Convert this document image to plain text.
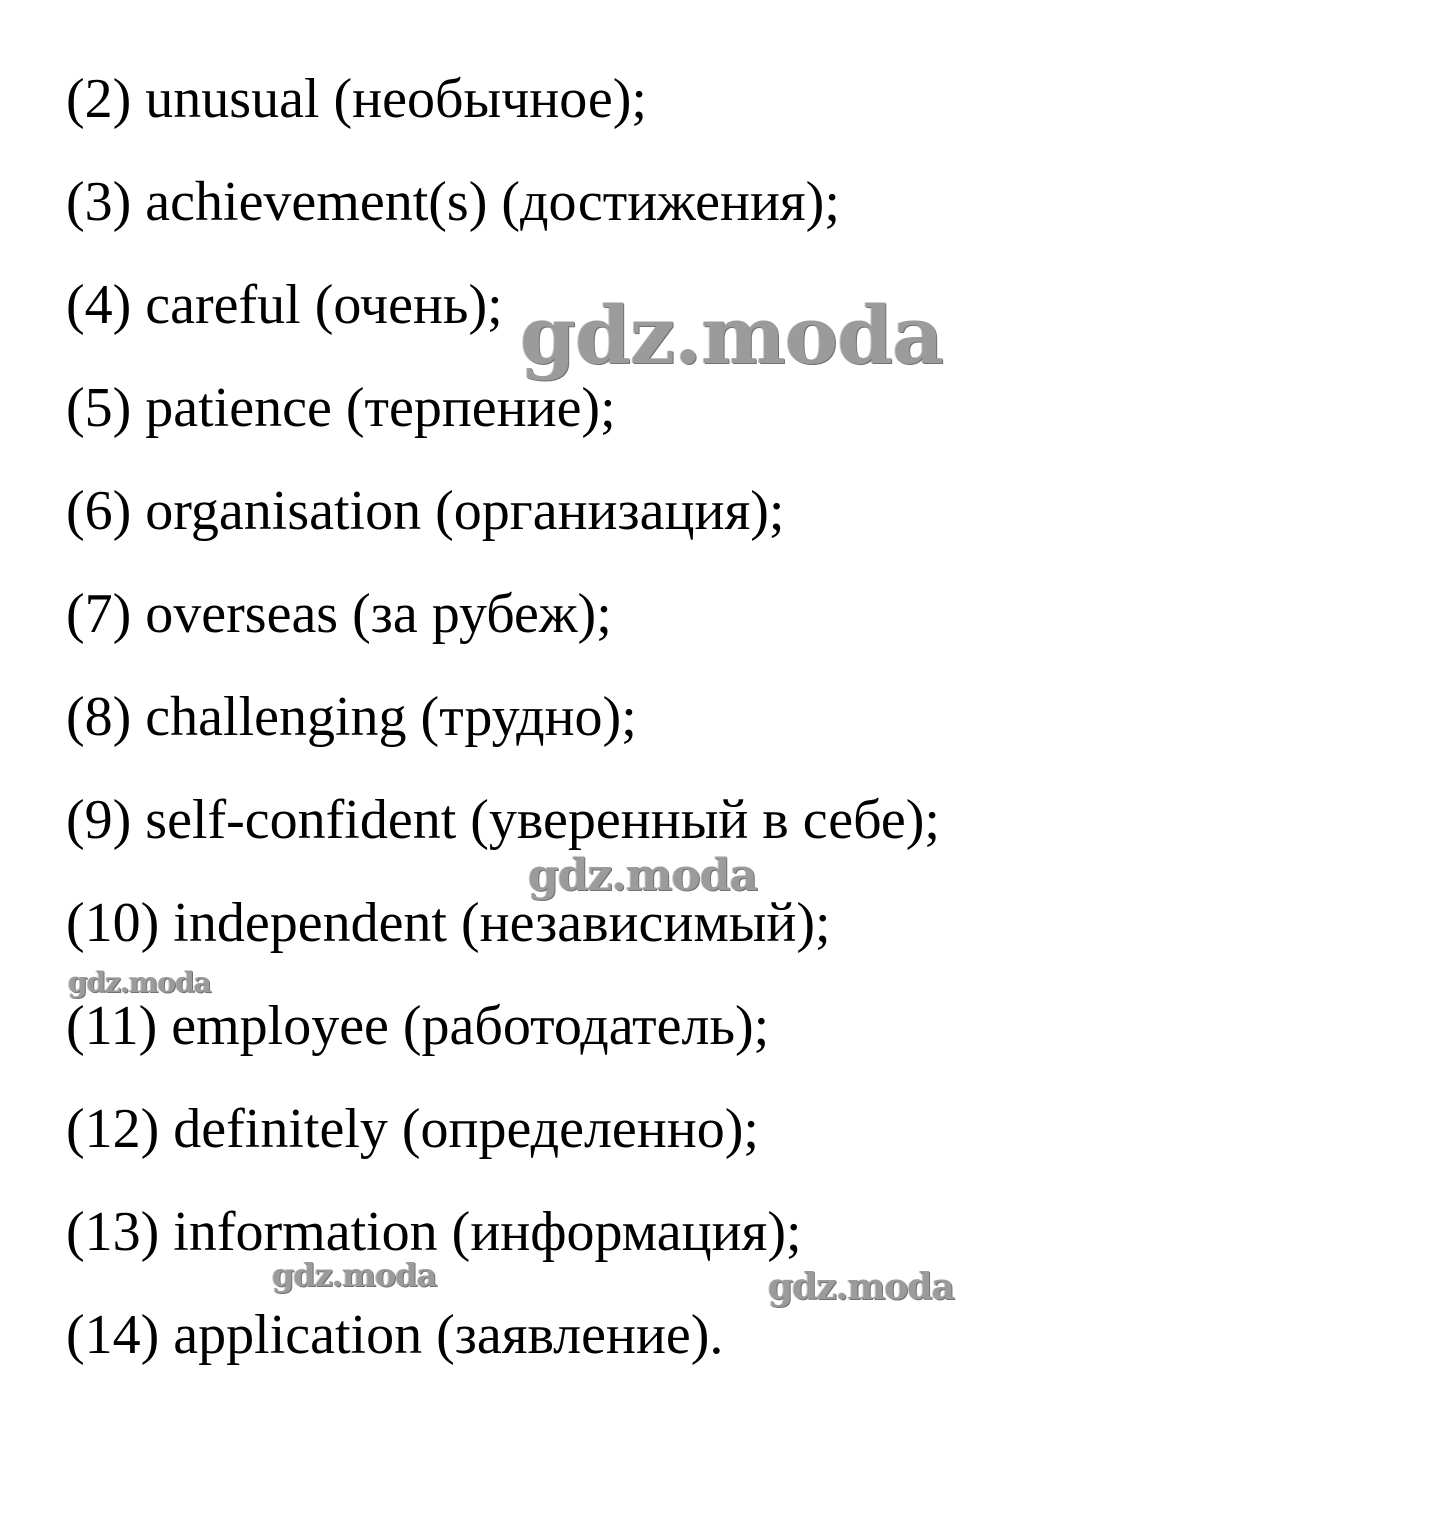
(2) unusual (необычное);
(3) achievement(s) (достижения);
(4) careful (очень);
(5) patience (терпение);
(6) organisation (организация);
(7) overseas (за рубеж);
(8) challenging (трудно);
(9) self-confident (уверенный в себе);
(10) independent (независимый);
(11) employee (работодатель);
(12) definitely (определенно);
(13) information (информация);
(14) application (заявление).
gdz.moda
gdz.moda
gdz.moda
gdz.moda	gdz.moda
